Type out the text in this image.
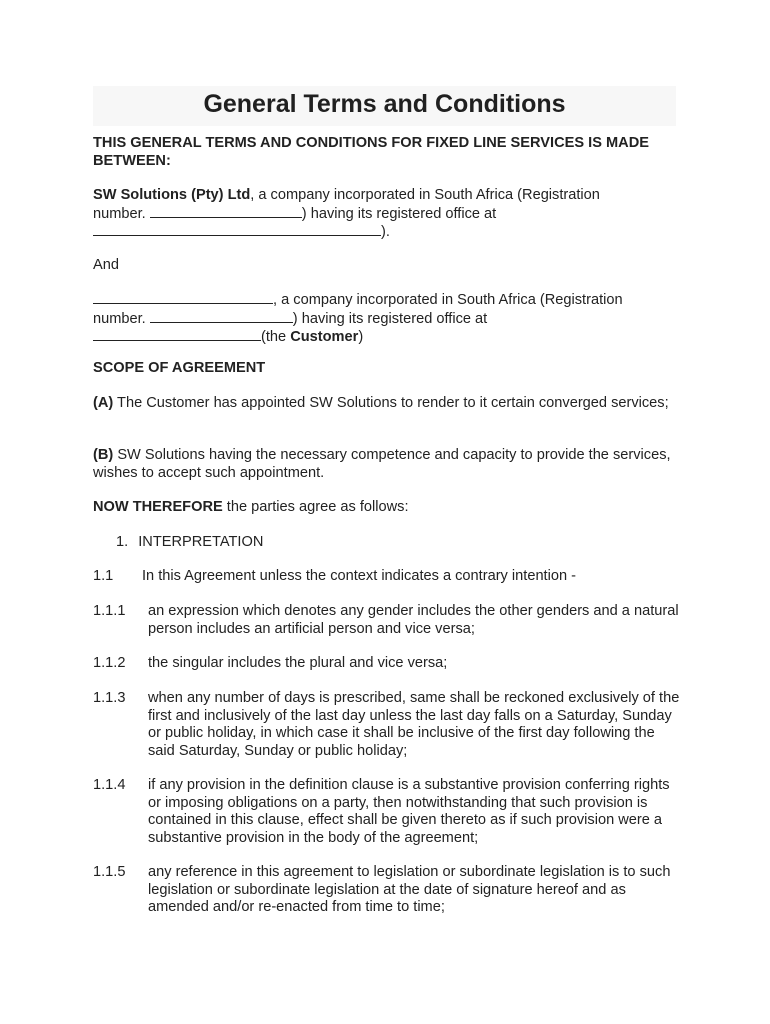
General Terms and Conditions
THIS GENERAL TERMS AND CONDITIONS FOR FIXED LINE SERVICES IS MADE BETWEEN:
SW Solutions (Pty) Ltd, a company incorporated in South Africa (Registration
number.	) having its registered office at
).
And
, a company incorporated in South Africa (Registration
number.	) having its registered office at
(the Customer)
SCOPE OF AGREEMENT
(A) The Customer has appointed SW Solutions to render to it certain converged services;
(B) SW Solutions having the necessary competence and capacity to provide the services, wishes to accept such appointment.
NOW THEREFORE the parties agree as follows:
1. INTERPRETATION
1.1 In this Agreement unless the context indicates a contrary intention -
1.1.1 an expression which denotes any gender includes the other genders and a natural person includes an artificial person and vice versa;
1.1.2 the singular includes the plural and vice versa;
1.1.3 when any number of days is prescribed, same shall be reckoned exclusively of the first and inclusively of the last day unless the last day falls on a Saturday, Sunday or public holiday, in which case it shall be inclusive of the first day following the said Saturday, Sunday or public holiday;
1.1.4 if any provision in the definition clause is a substantive provision conferring rights or imposing obligations on a party, then notwithstanding that such provision is contained in this clause, effect shall be given thereto as if such provision were a substantive provision in the body of the agreement;
1.1.5 any reference in this agreement to legislation or subordinate legislation is to such legislation or subordinate legislation at the date of signature hereof and as amended and/or re-enacted from time to time;
